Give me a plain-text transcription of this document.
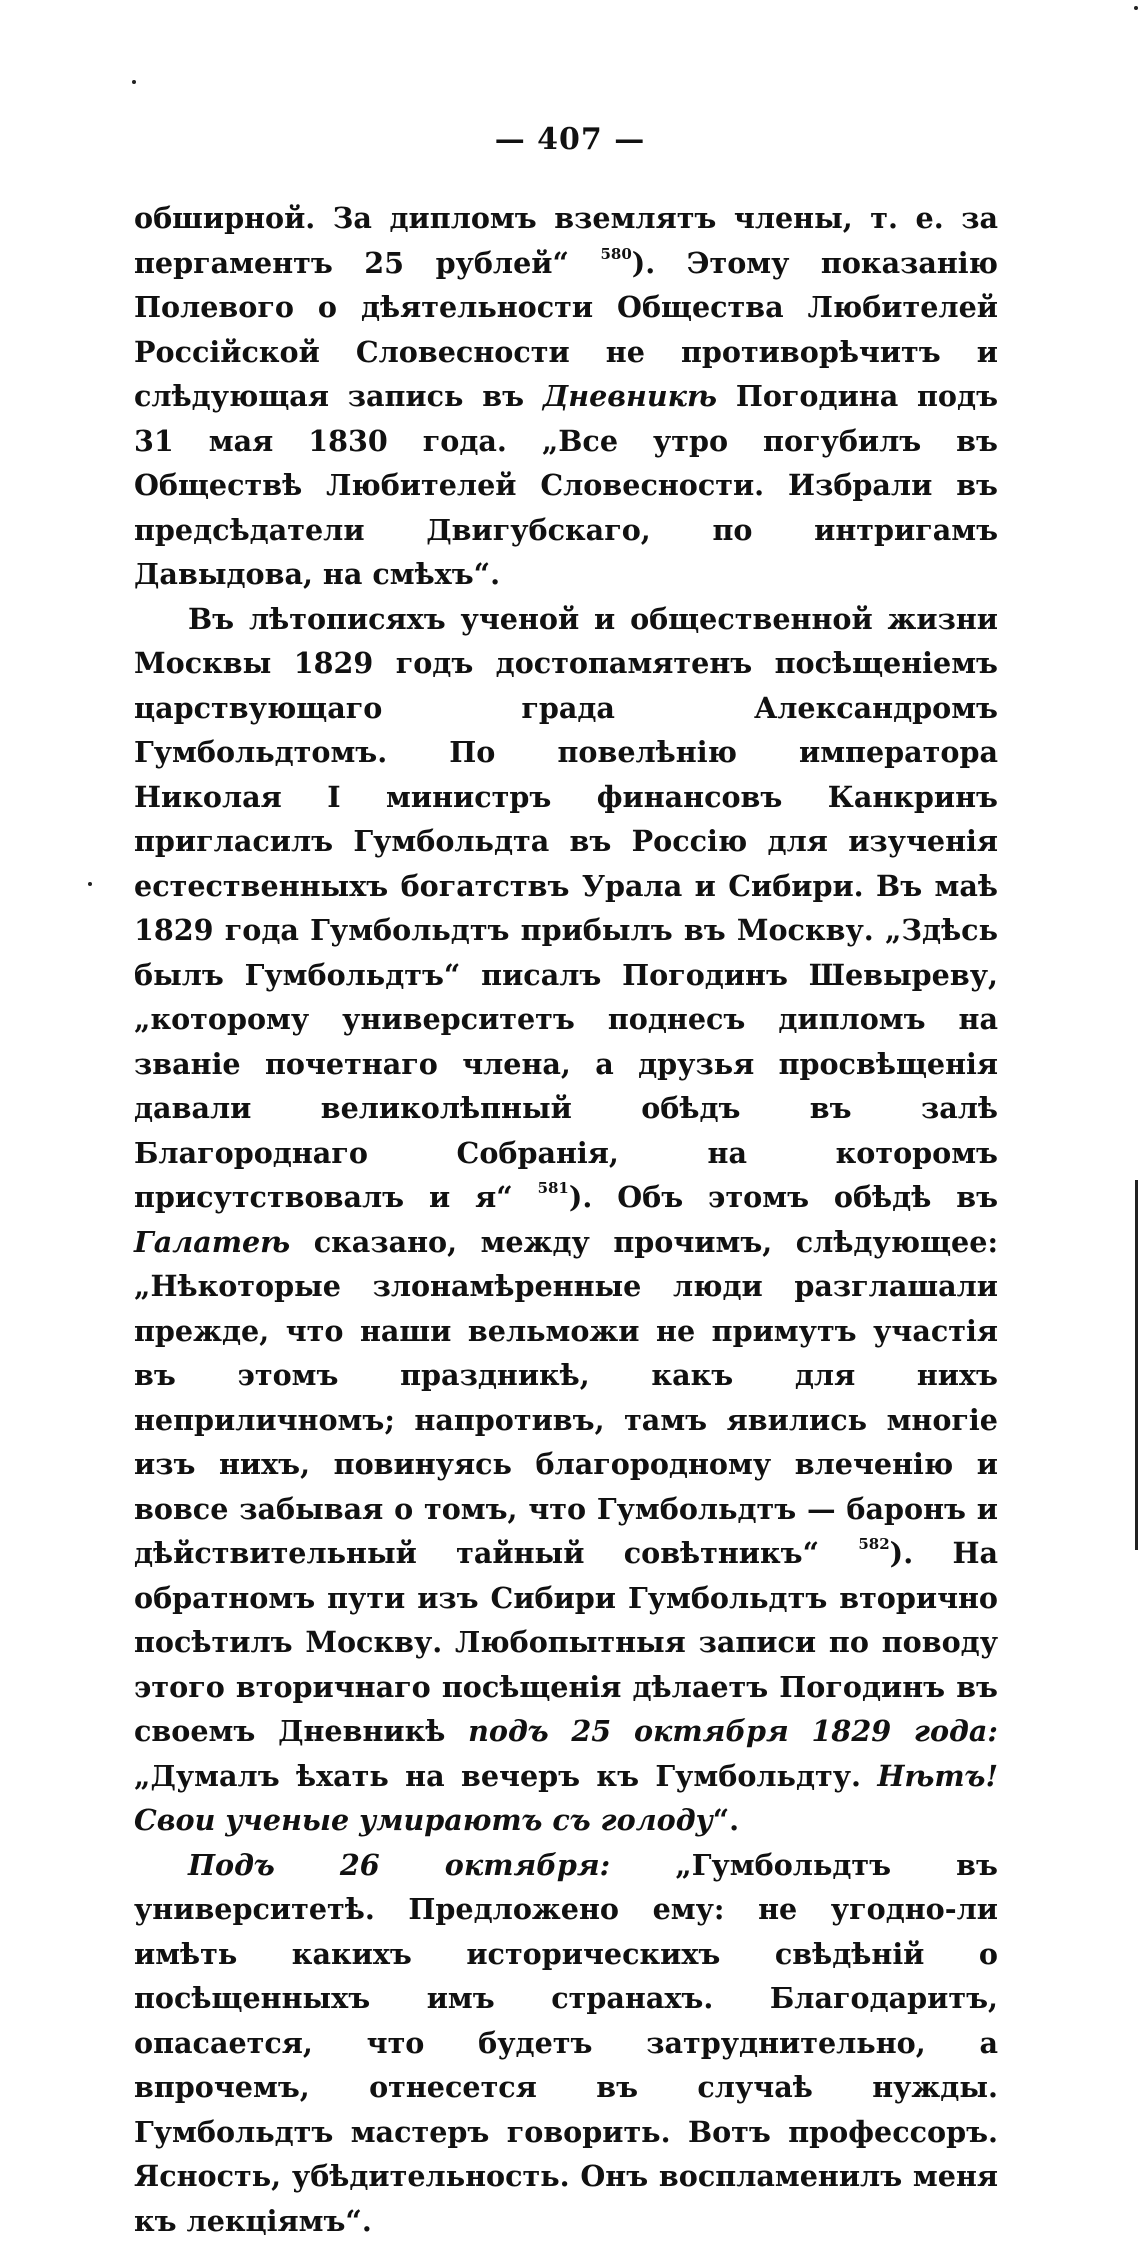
— 407 —

обширной. За дипломъ вземлятъ члены, т. е. за пергаментъ 25 рублей“ $^{580}$). Этому показанію Полевого о дѣятельности Общества Любителей Россійской Словесности не противорѣчитъ и слѣдующая запись въ Дневникѣ Погодина подъ 31 мая 1830 года. „Все утро погубилъ въ Обществѣ Любителей Словесности. Избрали въ предсѣдатели Двигубскаго, по интригамъ Давыдова, на смѣхъ“.

Въ лѣтописяхъ ученой и общественной жизни Москвы 1829 годъ достопамятенъ посѣщеніемъ царствующаго града Александромъ Гумбольдтомъ. По повелѣнію императора Николая I министръ финансовъ Канкринъ пригласилъ Гумбольдта въ Россію для изученія естественныхъ богатствъ Урала и Сибири. Въ маѣ 1829 года Гумбольдтъ прибылъ въ Москву. „Здѣсь былъ Гумбольдтъ“ писалъ Погодинъ Шевыреву, „которому университетъ поднесъ дипломъ на званіе почетнаго члена, а друзья просвѣщенія давали великолѣпный обѣдъ въ залѣ Благороднаго Собранія, на которомъ присутствовалъ и я“ $^{581}$). Объ этомъ обѣдѣ въ Галатеѣ сказано, между прочимъ, слѣдующее: „Нѣкоторые злонамѣренные люди разглашали прежде, что наши вельможи не примутъ участія въ этомъ праздникѣ, какъ для нихъ неприличномъ; напротивъ, тамъ явились многіе изъ нихъ, повинуясь благородному влеченію и вовсе забывая о томъ, что Гумбольдтъ — баронъ и дѣйствительный тайный совѣтникъ“ $^{582}$). На обратномъ пути изъ Сибири Гумбольдтъ вторично посѣтилъ Москву. Любопытныя записи по поводу этого вторичнаго посѣщенія дѣлаетъ Погодинъ въ своемъ Дневникѣ подъ 25 октября 1829 года: „Думалъ ѣхать на вечеръ къ Гумбольдту. Нѣтъ! Свои ученые умираютъ съ голоду“.

Подъ 26 октября: „Гумбольдтъ въ университетѣ. Предложено ему: не угодно-ли имѣть какихъ историческихъ свѣдѣній о посѣщенныхъ имъ странахъ. Благодаритъ, опасается, что будетъ затруднительно, а впрочемъ, отнесется въ случаѣ нужды. Гумбольдтъ мастеръ говорить. Вотъ профессоръ. Ясность, убѣдительность. Онъ воспламенилъ меня къ лекціямъ“.
